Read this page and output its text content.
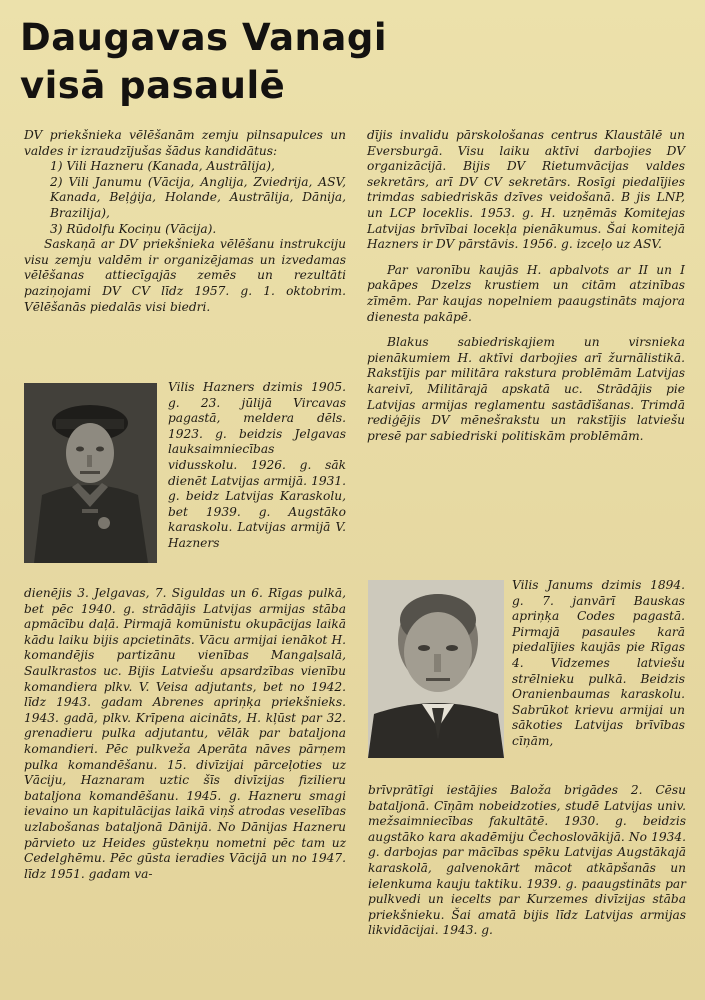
Daugavas Vanagi
visā pasaulē

DV priekšnieka vēlēšanām zemju pilnsapulces un valdes ir izraudzījušas šādus kandidātus:

1) Vili Hazneru (Kanada, Austrālija),

2) Vili Janumu (Vācija, Anglija, Zviedrija, ASV, Kanada, Beļģija, Holande, Austrālija, Dānija, Brazilija),

3) Rūdolfu Kociņu (Vācija).

Saskaņā ar DV priekšnieka vēlēšanu instrukciju visu zemju valdēm ir organizējamas un izvedamas vēlēšanas attiecīgajās zemēs un rezultāti paziņojami DV CV līdz 1957. g. 1. oktobrim. Vēlēšanās piedalās visi biedri.

Vilis Hazners dzimis 1905. g. 23. jūlijā Vircavas pagastā, meldera dēls. 1923. g. beidzis Jelgavas lauksaimniecības vidusskolu. 1926. g. sāk dienēt Latvijas armijā. 1931. g. beidz Latvijas Karaskolu, bet 1939. g. Augstāko karaskolu. Latvijas armijā V. Hazners

dienējis 3. Jelgavas, 7. Siguldas un 6. Rīgas pulkā, bet pēc 1940. g. strādājis Latvijas armijas stāba apmācību daļā. Pirmajā komūnistu okupācijas laikā kādu laiku bijis apcietināts. Vācu armijai ienākot H. komandējis partizānu vienības Mangaļsalā, Saulkrastos uc. Bijis Latviešu apsardzības vienību komandiera plkv. V. Veisa adjutants, bet no 1942. līdz 1943. gadam Abrenes apriņķa priekšnieks. 1943. gadā, plkv. Krīpena aicināts, H. kļūst par 32. grenadieru pulka adjutantu, vēlāk par bataljona komandieri. Pēc pulkveža Aperāta nāves pārņem pulka komandēšanu. 15. divīzijai pārceļoties uz Vāciju, Haznaram uztic šīs divīzijas fizilieru bataljona komandēšanu. 1945. g. Hazneru smagi ievaino un kapitulācijas laikā viņš atrodas veselības uzlabošanas bataljonā Dānijā. No Dānijas Hazneru pārvieto uz Heides gūstekņu nometni pēc tam uz Cedelghēmu. Pēc gūsta ieradies Vācijā un no 1947. līdz 1951. gadam va-

dījis invalidu pārskološanas centrus Klaustālē un Eversburgā. Visu laiku aktīvi darbojies DV organizācijā. Bijis DV Rietumvācijas valdes sekretārs, arī DV CV sekretārs. Rosīgi piedalījies trimdas sabiedriskās dzīves veidošanā. B jis LNP, un LCP loceklis. 1953. g. H. uzņēmās Komitejas Latvijas brīvībai locekļa pienākumus. Šai komitejā Hazners ir DV pārstāvis. 1956. g. izceļo uz ASV.

Par varonību kaujās H. apbalvots ar II un I pakāpes Dzelzs krustiem un citām atzinības zīmēm. Par kaujas nopelniem paaugstināts majora dienesta pakāpē.

Blakus sabiedriskajiem un virsnieka pienākumiem H. aktīvi darbojies arī žurnālistikā. Rakstījis par militāra rakstura problēmām Latvijas kareivī, Militārajā apskatā uc. Strādājis pie Latvijas armijas reglamentu sastādīšanas. Trimdā rediģējis DV mēnešrakstu un rakstījis latviešu presē par sabiedriski politiskām problēmām.

Vilis Janums dzimis 1894. g. 7. janvārī Bauskas apriņķa Codes pagastā. Pirmajā pasaules karā piedalījies kaujās pie Rīgas 4. Vidzemes latviešu strēlnieku pulkā. Beidzis Oranienbaumas karaskolu. Sabrūkot krievu armijai un sākoties Latvijas brīvības cīņām,

brīvprātīgi iestājies Baloža brigādes 2. Cēsu bataljonā. Cīņām nobeidzoties, studē Latvijas univ. mežsaimniecības fakultātē. 1930. g. beidzis augstāko kara akadēmiju Čechoslovākijā. No 1934. g. darbojas par mācības spēku Latvijas Augstākajā karaskolā, galvenokārt mācot atkāpšanās un ielenkuma kauju taktiku. 1939. g. paaugstināts par pulkvedi un iecelts par Kurzemes divīzijas stāba priekšnieku. Šai amatā bijis līdz Latvijas armijas likvidācijai. 1943. g.
